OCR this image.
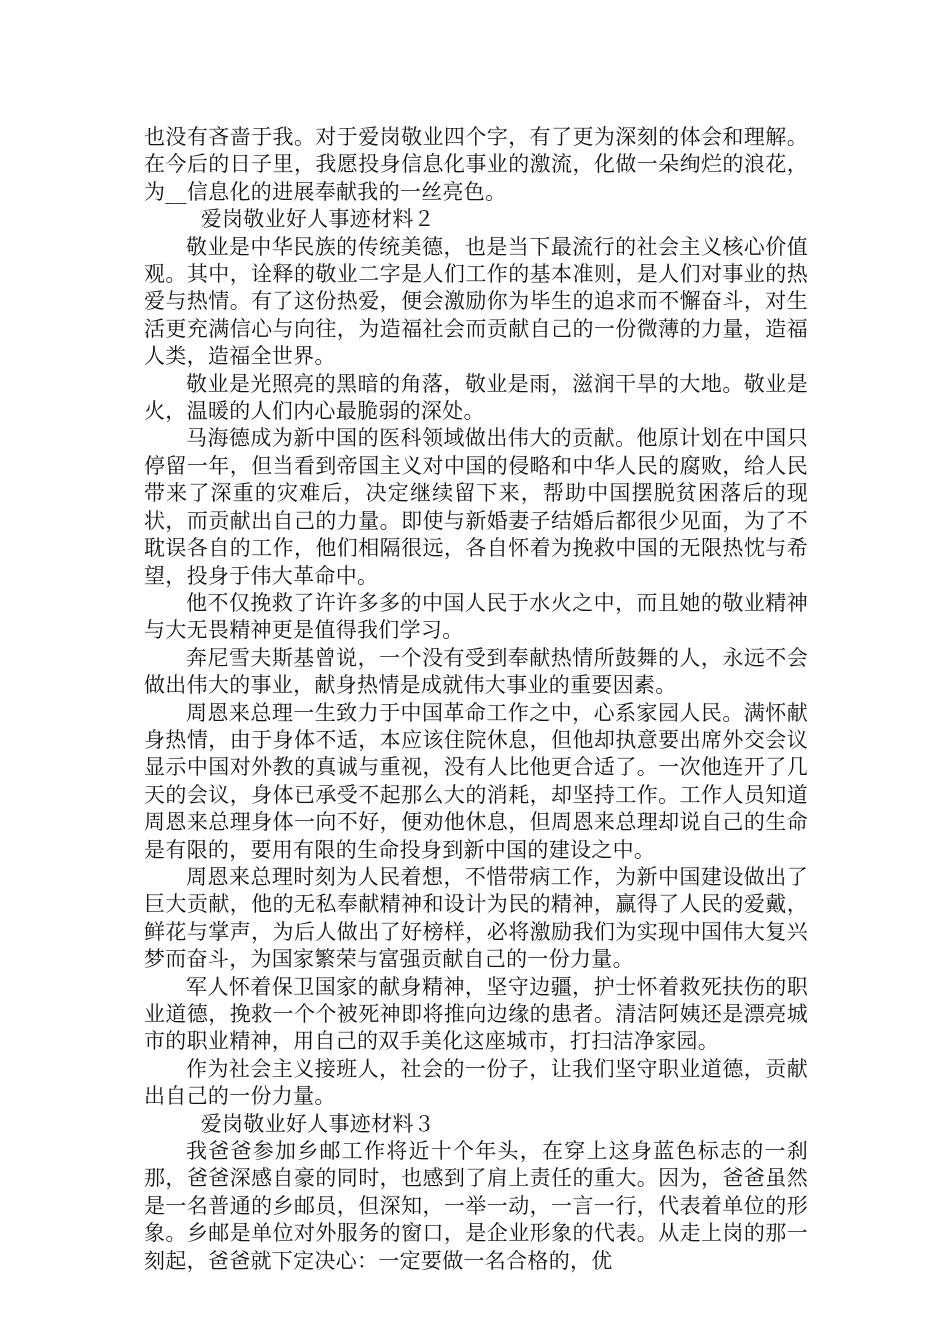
也没有吝啬于我。对于爱岗敬业四个字，有了更为深刻的体会和理解。在今后的日子里，我愿投身信息化事业的激流，化做一朵绚烂的浪花，为__信息化的进展奉献我的一丝亮色。

爱岗敬业好人事迹材料２

敬业是中华民族的传统美德，也是当下最流行的社会主义核心价值观。其中，诠释的敬业二字是人们工作的基本准则，是人们对事业的热爱与热情。有了这份热爱，便会激励你为毕生的追求而不懈奋斗，对生活更充满信心与向往，为造福社会而贡献自己的一份微薄的力量，造福人类，造福全世界。

敬业是光照亮的黑暗的角落，敬业是雨，滋润干旱的大地。敬业是火，温暖的人们内心最脆弱的深处。

马海德成为新中国的医科领域做出伟大的贡献。他原计划在中国只停留一年，但当看到帝国主义对中国的侵略和中华人民的腐败，给人民带来了深重的灾难后，决定继续留下来，帮助中国摆脱贫困落后的现状，而贡献出自己的力量。即使与新婚妻子结婚后都很少见面，为了不耽误各自的工作，他们相隔很远，各自怀着为挽救中国的无限热忱与希望，投身于伟大革命中。

他不仅挽救了许许多多的中国人民于水火之中，而且她的敬业精神与大无畏精神更是值得我们学习。

奔尼雪夫斯基曾说，一个没有受到奉献热情所鼓舞的人，永远不会做出伟大的事业，献身热情是成就伟大事业的重要因素。

周恩来总理一生致力于中国革命工作之中，心系家园人民。满怀献身热情，由于身体不适，本应该住院休息，但他却执意要出席外交会议显示中国对外教的真诚与重视，没有人比他更合适了。一次他连开了几天的会议，身体已承受不起那么大的消耗，却坚持工作。工作人员知道周恩来总理身体一向不好，便劝他休息，但周恩来总理却说自己的生命是有限的，要用有限的生命投身到新中国的建设之中。

周恩来总理时刻为人民着想，不惜带病工作，为新中国建设做出了巨大贡献，他的无私奉献精神和设计为民的精神，赢得了人民的爱戴，鲜花与掌声，为后人做出了好榜样，必将激励我们为实现中国伟大复兴梦而奋斗，为国家繁荣与富强贡献自己的一份力量。

军人怀着保卫国家的献身精神，坚守边疆，护士怀着救死扶伤的职业道德，挽救一个个被死神即将推向边缘的患者。清洁阿姨还是漂亮城市的职业精神，用自己的双手美化这座城市，打扫洁净家园。

作为社会主义接班人，社会的一份子，让我们坚守职业道德，贡献出自己的一份力量。

爱岗敬业好人事迹材料３

我爸爸参加乡邮工作将近十个年头，在穿上这身蓝色标志的一刹那，爸爸深感自豪的同时，也感到了肩上责任的重大。因为，爸爸虽然是一名普通的乡邮员，但深知，一举一动，一言一行，代表着单位的形象。乡邮是单位对外服务的窗口，是企业形象的代表。从走上岗的那一刻起，爸爸就下定决心：一定要做一名合格的，优
